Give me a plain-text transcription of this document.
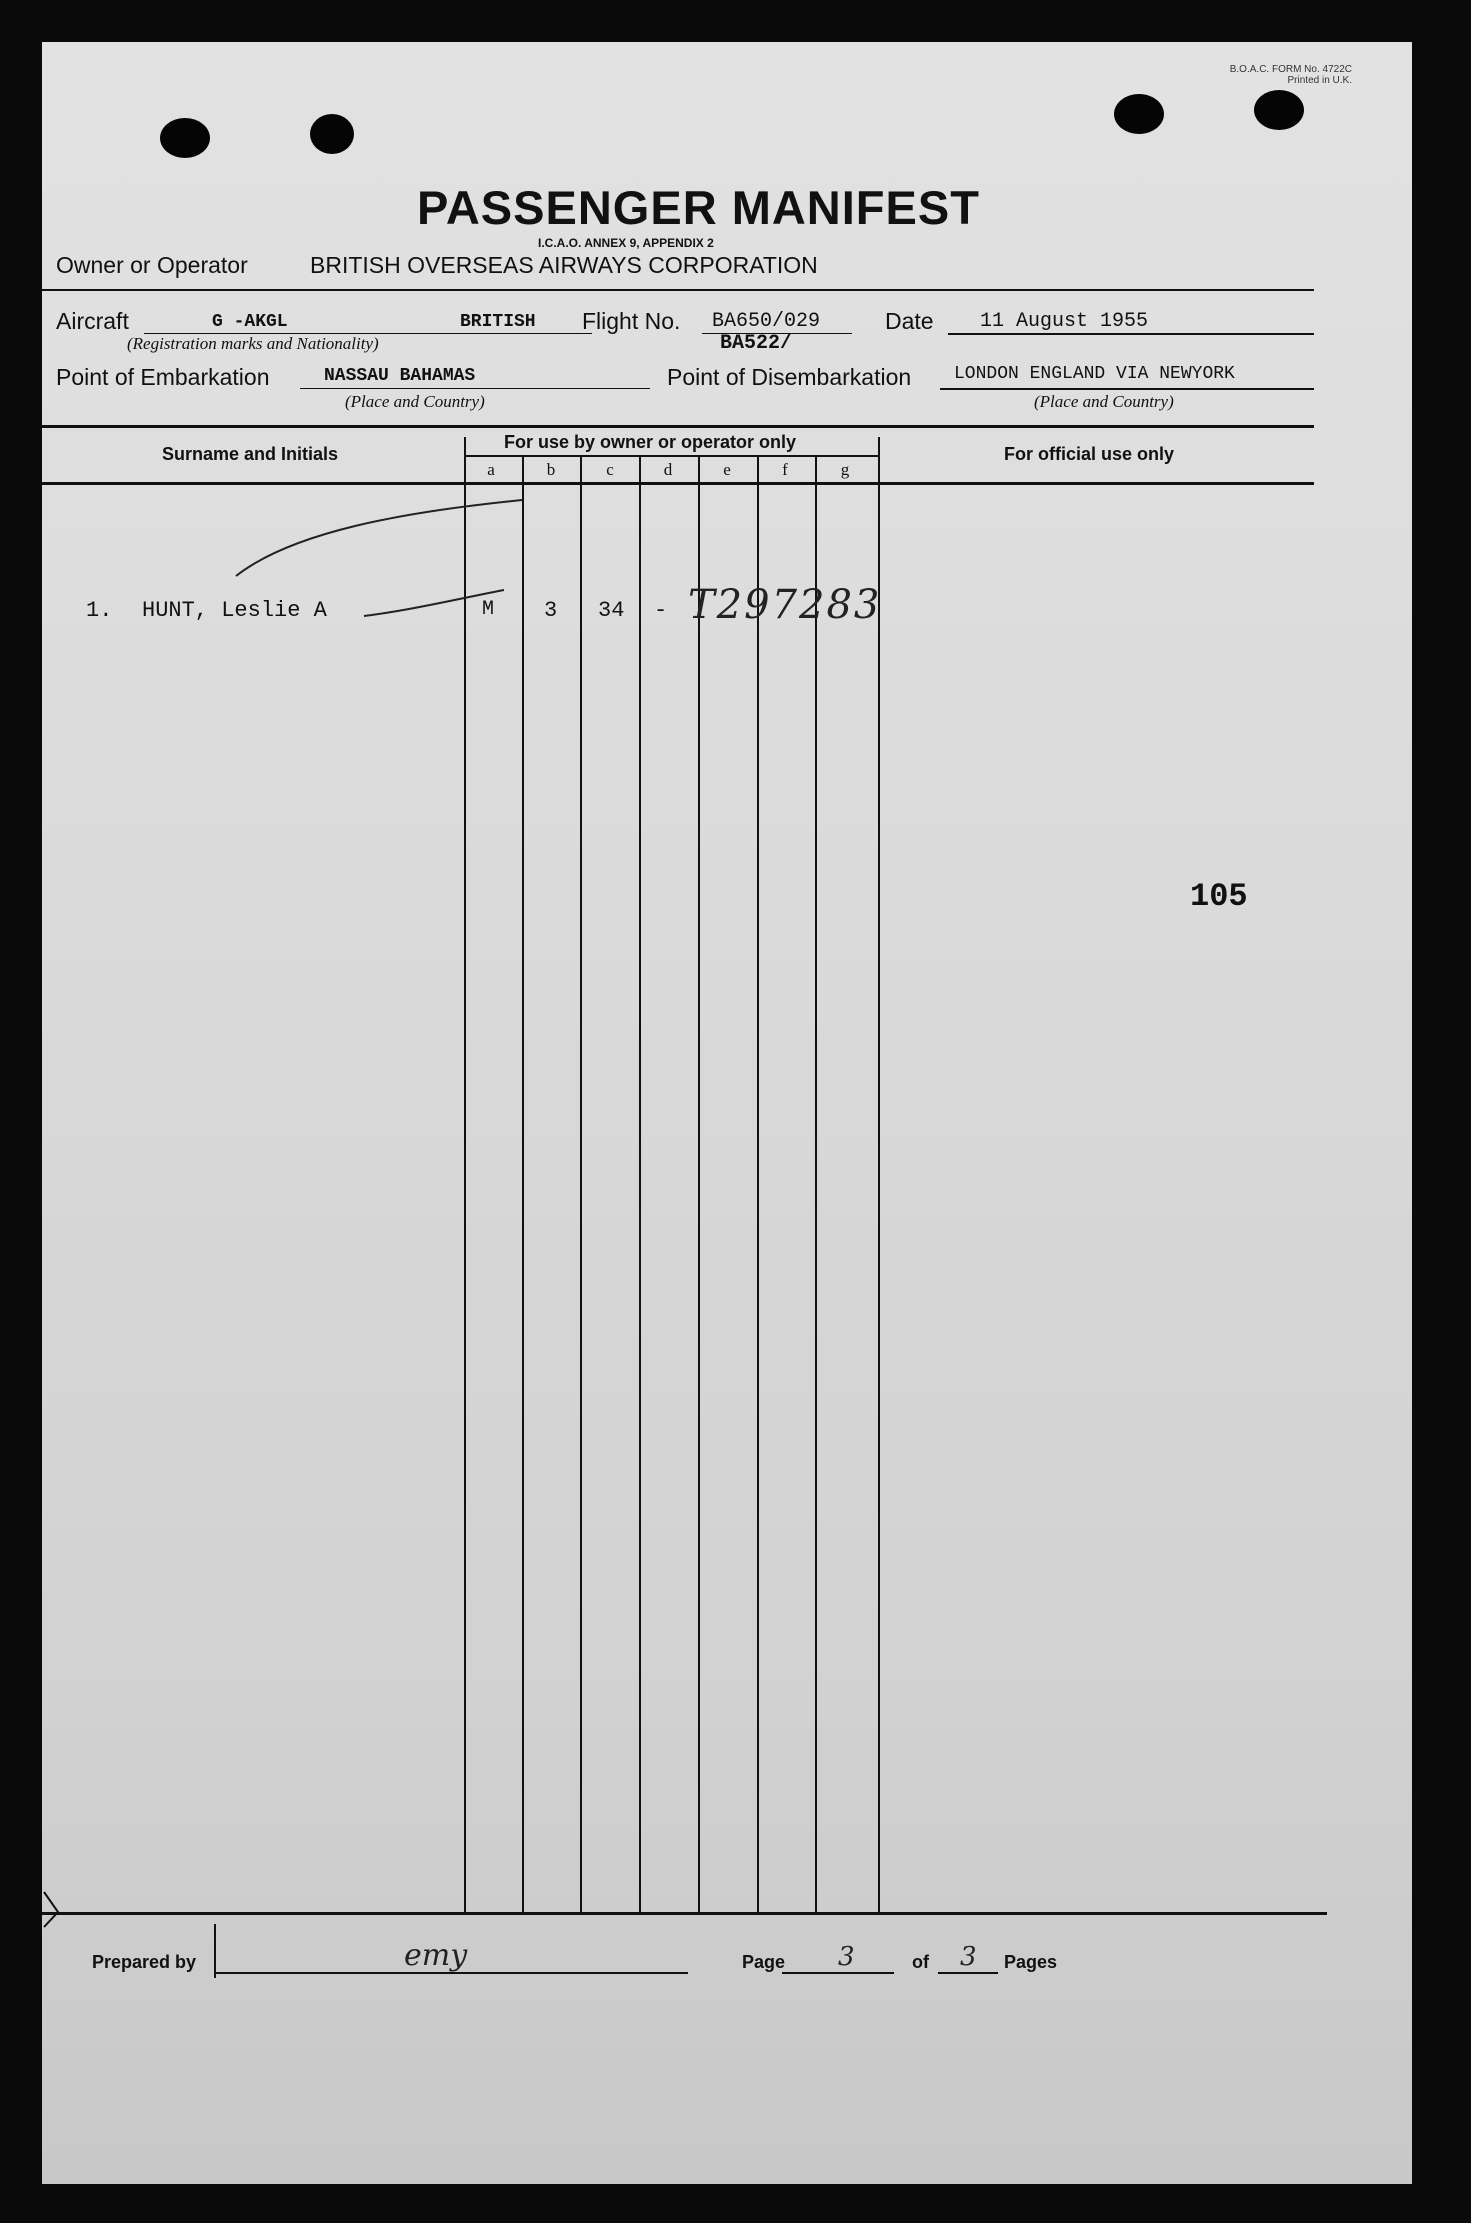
B.O.A.C. FORM No. 4722C
Printed in U.K.
PASSENGER MANIFEST
I.C.A.O. ANNEX 9, APPENDIX 2
Owner or Operator	BRITISH OVERSEAS AIRWAYS CORPORATION
Aircraft	G -AKGL	BRITISH
(Registration marks and Nationality)
Flight No. BA650/029
BA522/
Date 11 August 1955
Point of Embarkation	NASSAU BAHAMAS
(Place and Country)
Point of Disembarkation LONDON ENGLAND VIA NEWYORK
(Place and Country)
Surname and Initials
For use by owner or operator only
For official use only
a	b	c	d	e	f	g
1. HUNT, Leslie A	M 3 34 - T297283
105
Prepared by	emy	Page 3	of 3 Pages
